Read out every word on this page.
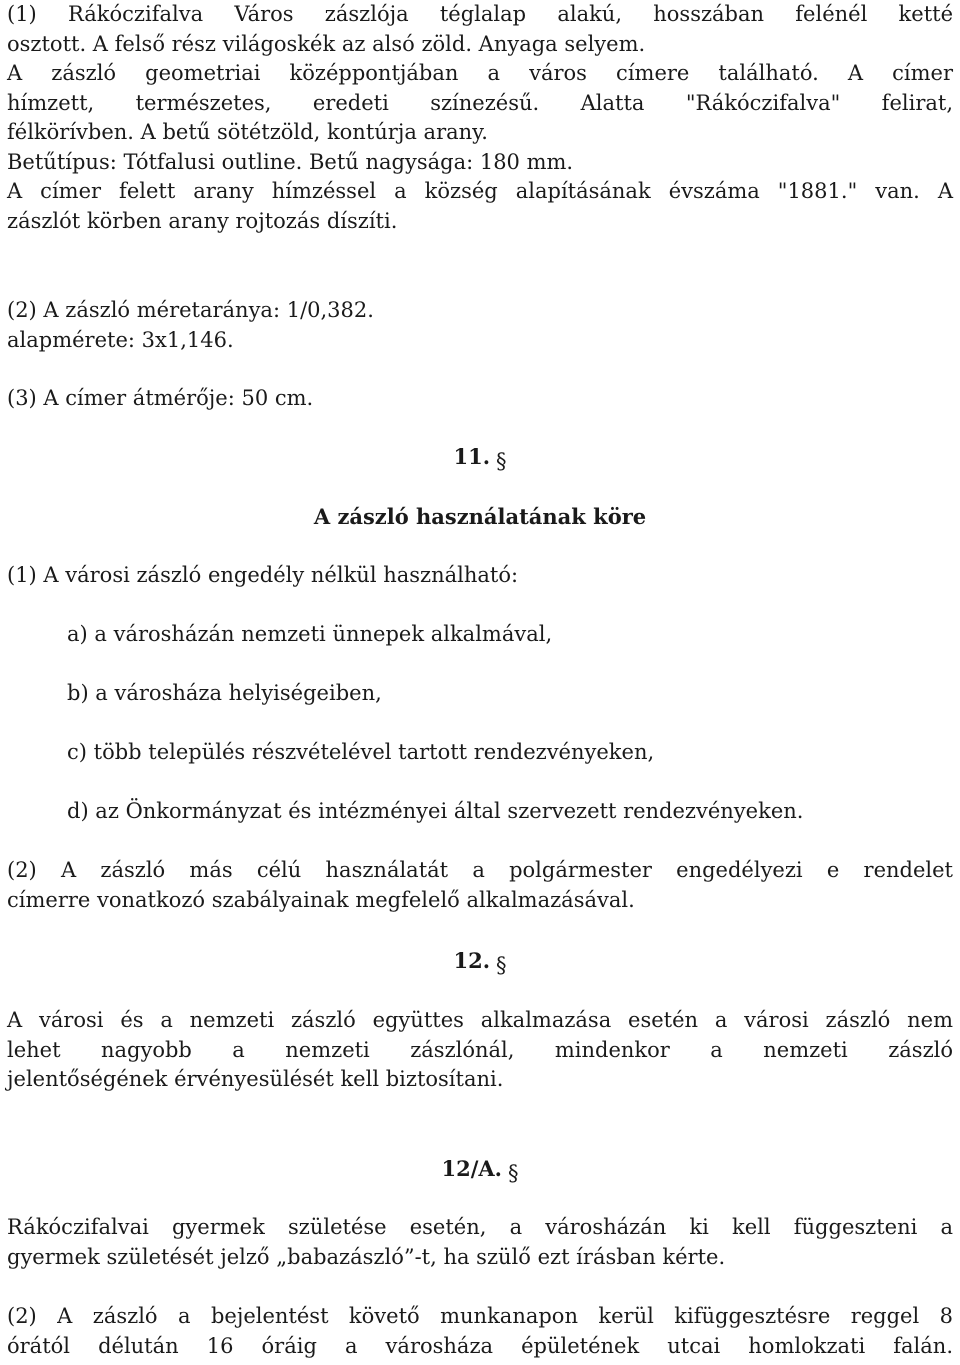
(1) Rákóczifalva Város zászlója téglalap alakú, hosszában felénél ketté
osztott. A felső rész világoskék az alsó zöld. Anyaga selyem.
A zászló geometriai középpontjában a város címere található. A címer
hímzett, természetes, eredeti színezésű. Alatta "Rákóczifalva" felirat,
félkörívben. A betű sötétzöld, kontúrja arany.
Betűtípus: Tótfalusi outline. Betű nagysága: 180 mm.
A címer felett arany hímzéssel a község alapításának évszáma "1881." van. A
zászlót körben arany rojtozás díszíti.
(2) A zászló méretaránya: 1/0,382.
alapmérete: 3x1,146.
(3) A címer átmérője: 50 cm.
11. §
A zászló használatának köre
(1) A városi zászló engedély nélkül használható:
a) a városházán nemzeti ünnepek alkalmával,
b) a városháza helyiségeiben,
c) több település részvételével tartott rendezvényeken,
d) az Önkormányzat és intézményei által szervezett rendezvényeken.
(2) A zászló más célú használatát a polgármester engedélyezi e rendelet
címerre vonatkozó szabályainak megfelelő alkalmazásával.
12. §
A városi és a nemzeti zászló együttes alkalmazása esetén a városi zászló nem
lehet nagyobb a nemzeti zászlónál, mindenkor a nemzeti zászló
jelentőségének érvényesülését kell biztosítani.
12/A. §
Rákóczifalvai gyermek születése esetén, a városházán ki kell függeszteni a
gyermek születését jelző „babazászló”-t, ha szülő ezt írásban kérte.
(2) A zászló a bejelentést követő munkanapon kerül kifüggesztésre reggel 8
órától délután 16 óráig a városháza épületének utcai homlokzati falán.
